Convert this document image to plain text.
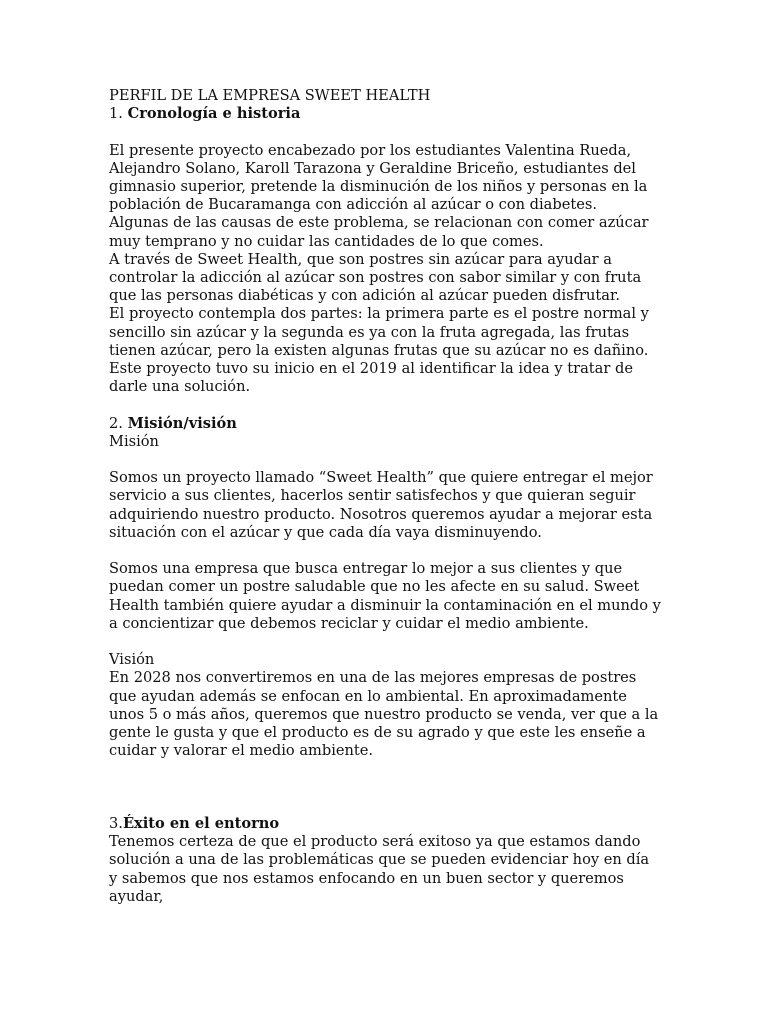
PERFIL DE LA EMPRESA SWEET HEALTH

1. Cronología e historia

El presente proyecto encabezado por los estudiantes Valentina Rueda, Alejandro Solano, Karoll Tarazona y Geraldine Briceño, estudiantes del gimnasio superior, pretende la disminución de los niños y personas en la población de Bucaramanga con adicción al azúcar o con diabetes. Algunas de las causas de este problema, se relacionan con comer azúcar muy temprano y no cuidar las cantidades de lo que comes.

A través de Sweet Health, que son postres sin azúcar para ayudar a controlar la adicción al azúcar son postres con sabor similar y con fruta que las personas diabéticas y con adición al azúcar pueden disfrutar.

El proyecto contempla dos partes: la primera parte es el postre normal y sencillo sin azúcar y la segunda es ya con la fruta agregada, las frutas tienen azúcar, pero la existen algunas frutas que su azúcar no es dañino.

Este proyecto tuvo su inicio en el 2019 al identificar la idea y tratar de darle una solución.

2. Misión/visión

Misión

Somos un proyecto llamado “Sweet Health” que quiere entregar el mejor servicio a sus clientes, hacerlos sentir satisfechos y que quieran seguir adquiriendo nuestro producto. Nosotros queremos ayudar a mejorar esta situación con el azúcar y que cada día vaya disminuyendo.

Somos una empresa que busca entregar lo mejor a sus clientes y que puedan comer un postre saludable que no les afecte en su salud. Sweet Health también quiere ayudar a disminuir la contaminación en el mundo y a concientizar que debemos reciclar y cuidar el medio ambiente.

Visión

En 2028 nos convertiremos en una de las mejores empresas de postres que ayudan además se enfocan en lo ambiental. En aproximadamente unos 5 o más años, queremos que nuestro producto se venda, ver que a la gente le gusta y que el producto es de su agrado y que este les enseñe a cuidar y valorar el medio ambiente.

3.Éxito en el entorno

Tenemos certeza de que el producto será exitoso ya que estamos dando solución a una de las problemáticas que se pueden evidenciar hoy en día y sabemos que nos estamos enfocando en un buen sector y queremos ayudar,
